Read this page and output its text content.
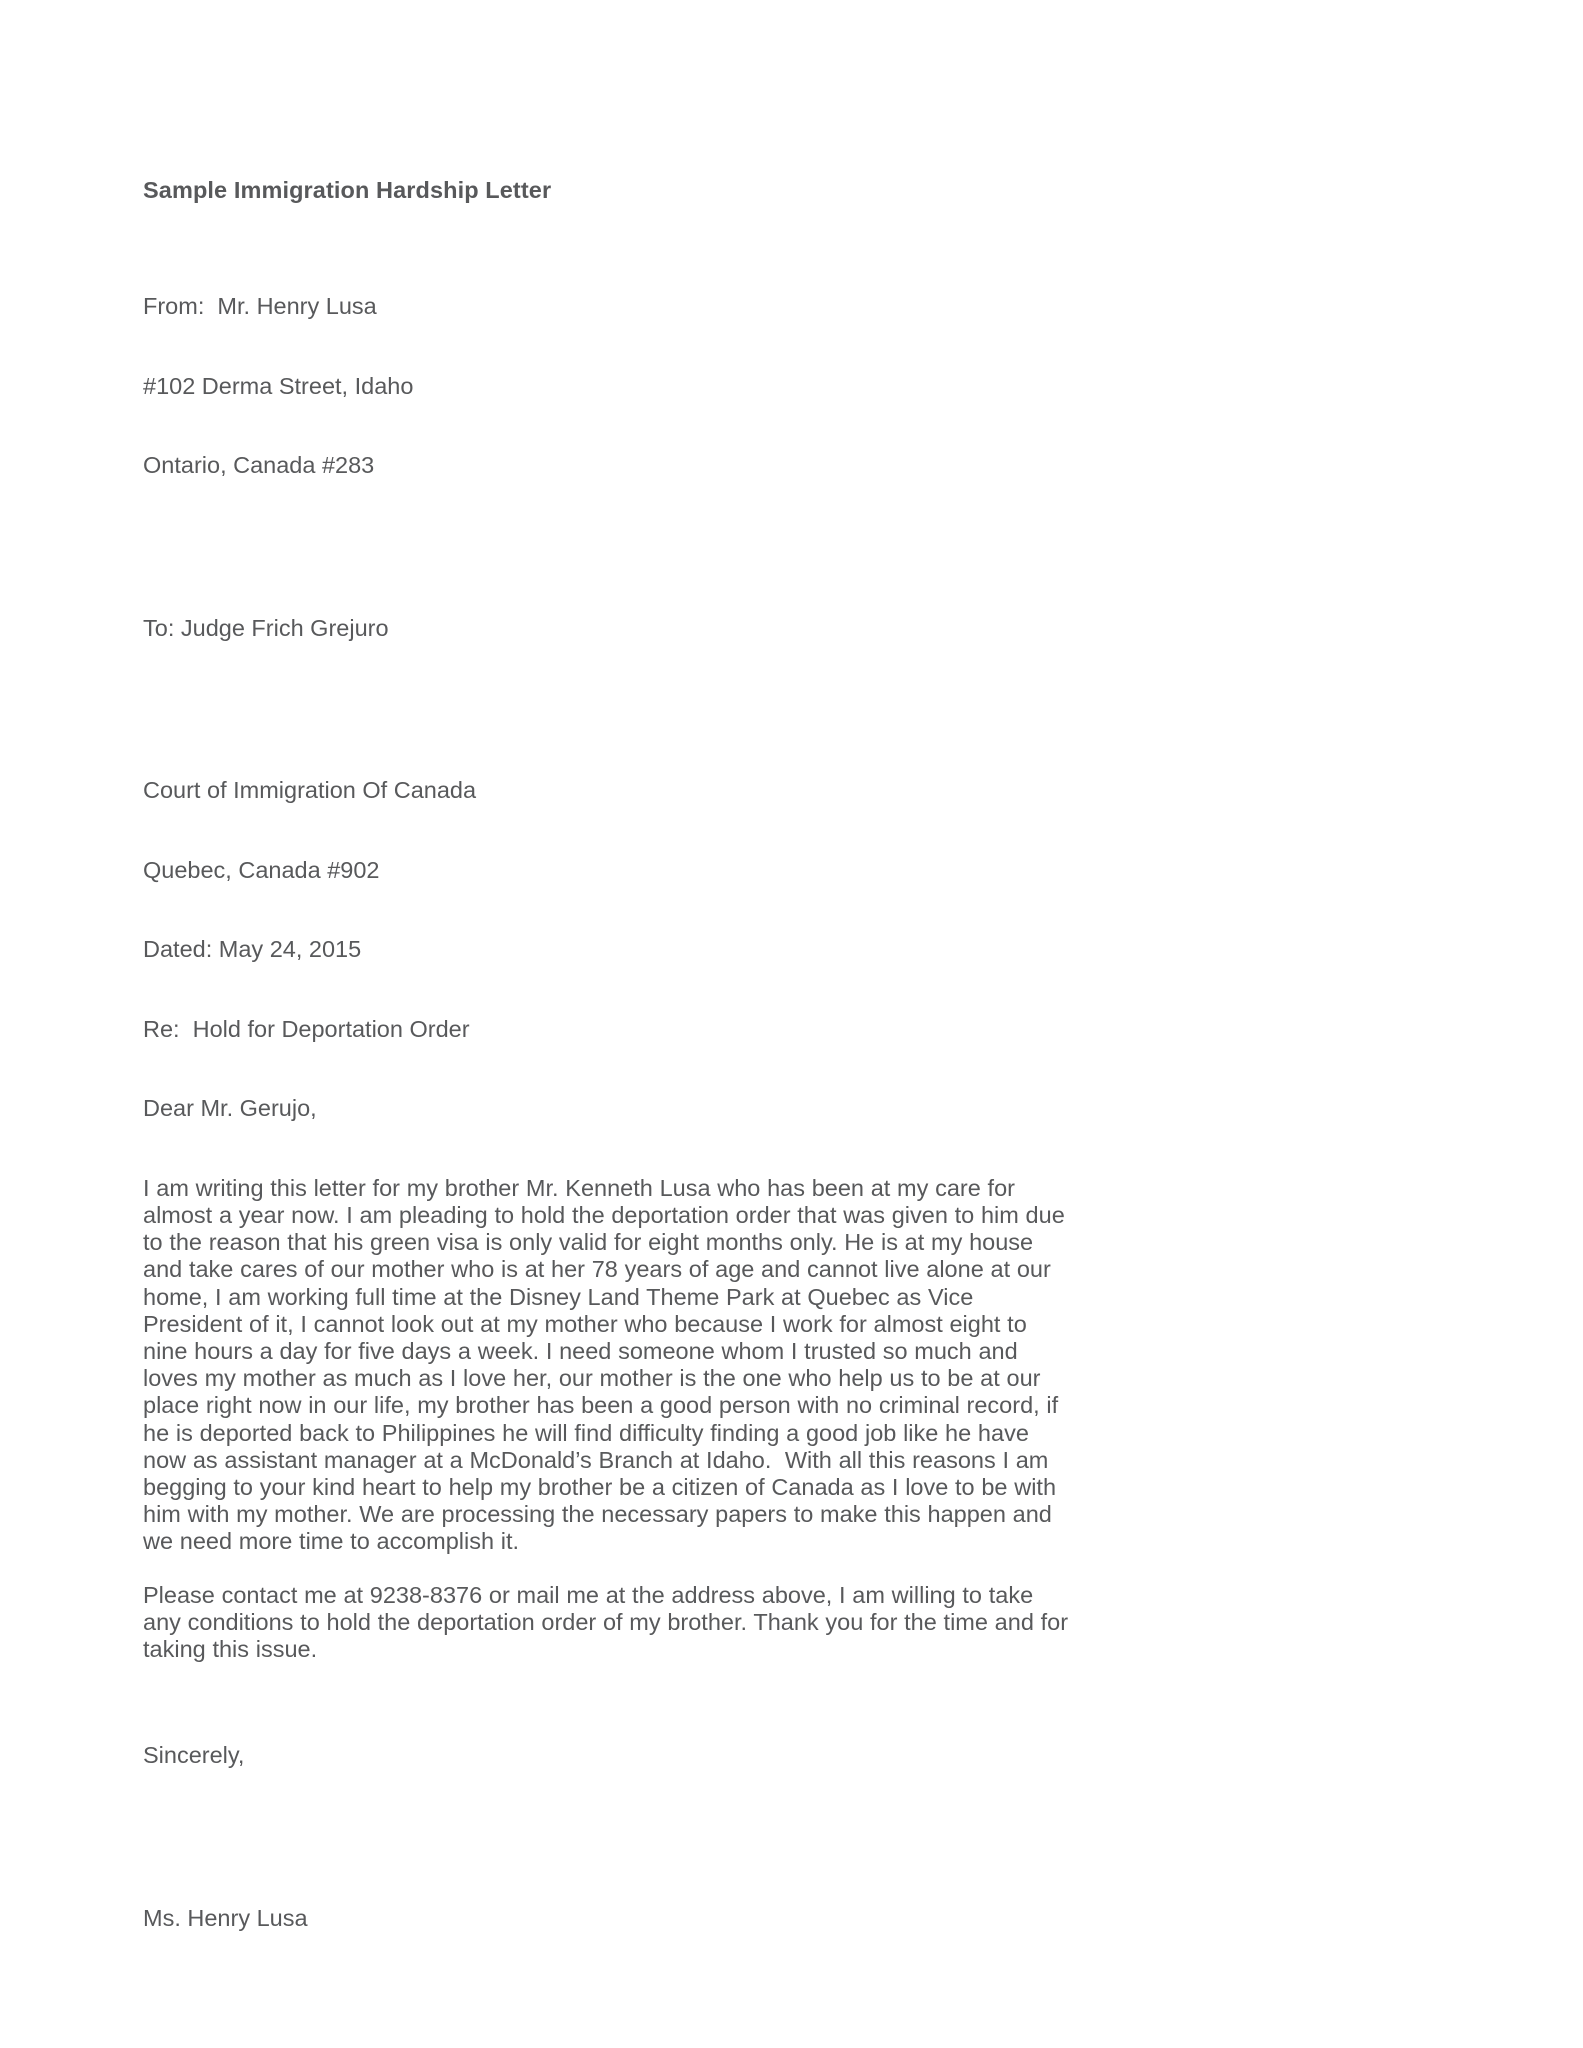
Sample Immigration Hardship Letter

From:  Mr. Henry Lusa

#102 Derma Street, Idaho

Ontario, Canada #283

To: Judge Frich Grejuro

Court of Immigration Of Canada

Quebec, Canada #902

Dated: May 24, 2015

Re:  Hold for Deportation Order

Dear Mr. Gerujo,

I am writing this letter for my brother Mr. Kenneth Lusa who has been at my care for almost a year now. I am pleading to hold the deportation order that was given to him due to the reason that his green visa is only valid for eight months only. He is at my house and take cares of our mother who is at her 78 years of age and cannot live alone at our home, I am working full time at the Disney Land Theme Park at Quebec as Vice President of it, I cannot look out at my mother who because I work for almost eight to nine hours a day for five days a week. I need someone whom I trusted so much and loves my mother as much as I love her, our mother is the one who help us to be at our place right now in our life, my brother has been a good person with no criminal record, if he is deported back to Philippines he will find difficulty finding a good job like he have now as assistant manager at a McDonald’s Branch at Idaho.  With all this reasons I am begging to your kind heart to help my brother be a citizen of Canada as I love to be with him with my mother. We are processing the necessary papers to make this happen and we need more time to accomplish it.

Please contact me at 9238-8376 or mail me at the address above, I am willing to take any conditions to hold the deportation order of my brother. Thank you for the time and for taking this issue.

Sincerely,

Ms. Henry Lusa
